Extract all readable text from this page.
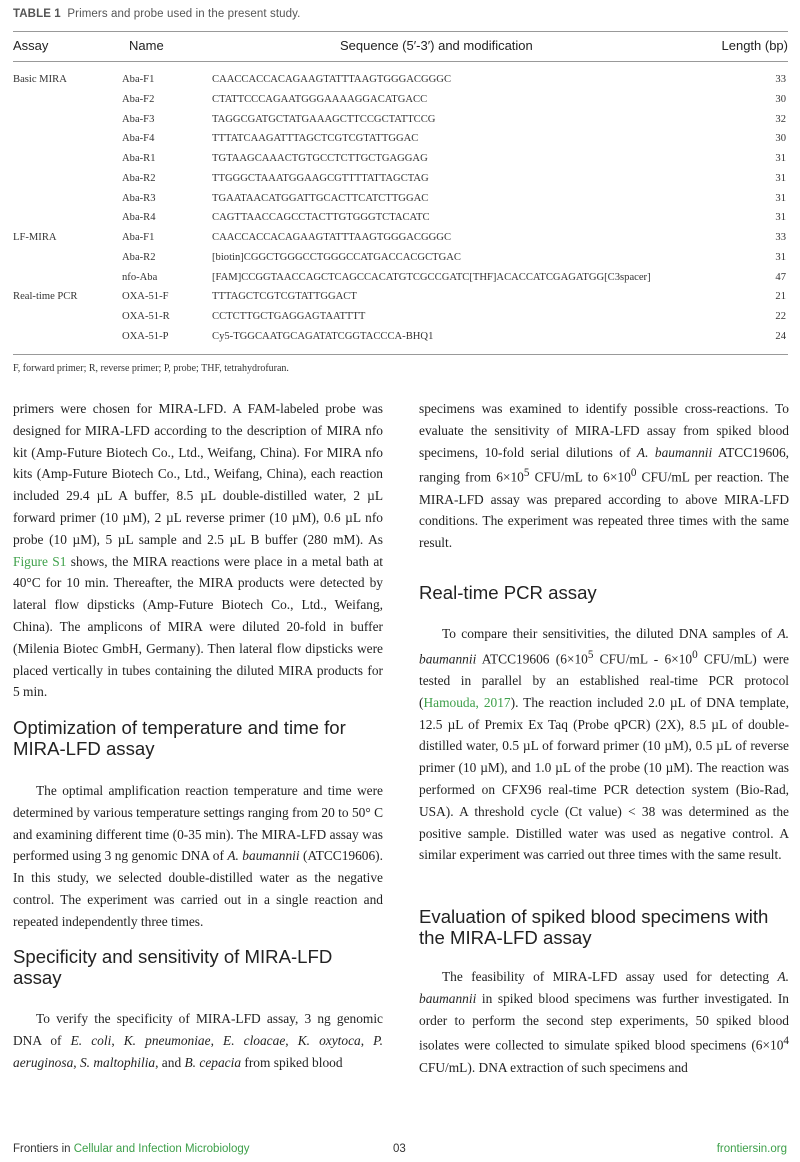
TABLE 1 Primers and probe used in the present study.
Assay	Name	Sequence (5′-3′) and modification	Length (bp)
Basic MIRA	Aba-F1	CAACCACCACAGAAGTATTTAAGTGGGACGGGC	33
Aba-F2	CTATTCCCAGAATGGGAAAAGGACATGACC	30
Aba-F3	TAGGCGATGCTATGAAAGCTTCCGCTATTCCG	32
Aba-F4	TTTATCAAGATTTAGCTCGTCGTATTGGAC	30
Aba-R1	TGTAAGCAAACTGTGCCTCTTGCTGAGGAG	31
Aba-R2	TTGGGCTAAATGGAAGCGTTTTATTAGCTAG	31
Aba-R3	TGAATAACATGGATTGCACTTCATCTTGGAC	31
Aba-R4	CAGTTAACCAGCCTACTTGTGGGTCTACATC	31
LF-MIRA	Aba-F1	CAACCACCACAGAAGTATTTAAGTGGGACGGGC	33
Aba-R2	[biotin]CGGCTGGGCCTGGGCCATGACCACGCTGAC	31
nfo-Aba	[FAM]CCGGTAACCAGCTCAGCCACATGTCGCCGATC[THF]ACACCATCGAGATGG[C3spacer]	47
Real-time PCR	OXA-51-F	TTTAGCTCGTCGTATTGGACT	21
OXA-51-R	CCTCTTGCTGAGGAGTAATTTT	22
OXA-51-P	Cy5-TGGCAATGCAGATATCGGTACCCA-BHQ1	24
F, forward primer; R, reverse primer; P, probe; THF, tetrahydrofuran.

primers were chosen for MIRA-LFD. A FAM-labeled probe was designed for MIRA-LFD according to the description of MIRA nfo kit (Amp-Future Biotech Co., Ltd., Weifang, China). For MIRA nfo kits (Amp-Future Biotech Co., Ltd., Weifang, China), each reaction included 29.4 µL A buffer, 8.5 µL double-distilled water, 2 µL forward primer (10 µM), 2 µL reverse primer (10 µM), 0.6 µL nfo probe (10 µM), 5 µL sample and 2.5 µL B buffer (280 mM). As Figure S1 shows, the MIRA reactions were place in a metal bath at 40°C for 10 min. Thereafter, the MIRA products were detected by lateral flow dipsticks (Amp-Future Biotech Co., Ltd., Weifang, China). The amplicons of MIRA were diluted 20-fold in buffer (Milenia Biotec GmbH, Germany). Then lateral flow dipsticks were placed vertically in tubes containing the diluted MIRA products for 5 min.

Optimization of temperature and time for MIRA-LFD assay

The optimal amplification reaction temperature and time were determined by various temperature settings ranging from 20 to 50° C and examining different time (0-35 min). The MIRA-LFD assay was performed using 3 ng genomic DNA of A. baumannii (ATCC19606). In this study, we selected double-distilled water as the negative control. The experiment was carried out in a single reaction and repeated independently three times.

Specificity and sensitivity of MIRA-LFD assay

To verify the specificity of MIRA-LFD assay, 3 ng genomic DNA of E. coli, K. pneumoniae, E. cloacae, K. oxytoca, P. aeruginosa, S. maltophilia, and B. cepacia from spiked blood

specimens was examined to identify possible cross-reactions. To evaluate the sensitivity of MIRA-LFD assay from spiked blood specimens, 10-fold serial dilutions of A. baumannii ATCC19606, ranging from $6\times 10^5$ CFU/mL to $6\times 10^0$ CFU/mL per reaction. The MIRA-LFD assay was prepared according to above MIRA-LFD conditions. The experiment was repeated three times with the same result.

Real-time PCR assay

To compare their sensitivities, the diluted DNA samples of A. baumannii ATCC19606 ($6\times 10^5$ $CFU/mL - 6\times 10^0$ CFU/mL) were tested in parallel by an established real-time PCR protocol (Hamouda, 2017). The reaction included 2.0 µL of DNA template, 12.5 µL of Premix Ex Taq (Probe qPCR) (2X), 8.5 µL of double-distilled water, 0.5 µL of forward primer (10 µM), 0.5 µL of reverse primer (10 µM), and 1.0 µL of the probe (10 µM). The reaction was performed on CFX96 real-time PCR detection system (Bio-Rad, USA). A threshold cycle (Ct value) < 38 was determined as the positive sample. Distilled water was used as negative control. A similar experiment was carried out three times with the same result.

Evaluation of spiked blood specimens with the MIRA-LFD assay

The feasibility of MIRA-LFD assay used for detecting A. baumannii in spiked blood specimens was further investigated. In order to perform the second step experiments, 50 spiked blood isolates were collected to simulate spiked blood specimens ($6\times 10^4$ CFU/mL). DNA extraction of such specimens and

Frontiers in Cellular and Infection Microbiology	03	frontiersin.org
